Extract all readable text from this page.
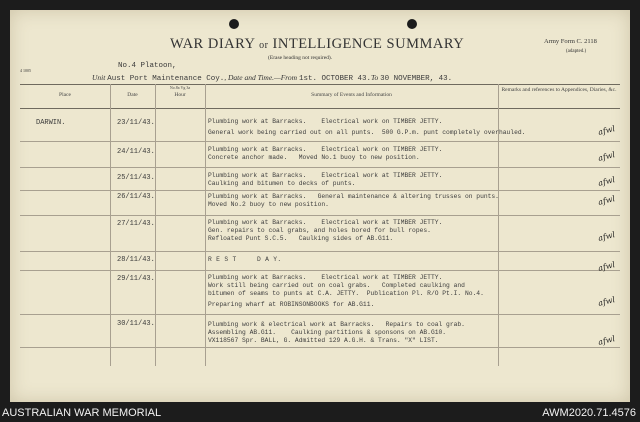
WAR DIARY or INTELLIGENCE SUMMARY
(Erase heading not required).
Army Form C. 2118
(adapted.)
4 1005
No.4 Platoon,
Unit Aust Port Maintenance Coy., Date and Time.—From 1st. OCTOBER 43.To 30 NOVEMBER, 43.
Place	Date
No.8a Vg 3a
Hour	Summary of Events and Information
Remarks and references to Appendices, Diaries, &c.
DARWIN.	23/11/43.	Plumbing work at Barracks.    Electrical work on TIMBER JETTY.
General work being carried out on all punts.  500 G.P.m. punt completely overhauled.	afwl
24/11/43.	Plumbing work at Barracks.    Electrical work on TIMBER JETTY.
Concrete anchor made.   Moved No.1 buoy to new position.	afwl
25/11/43.	Plumbing work at Barracks.    Electrical work at TIMBER JETTY.
Caulking and bitumen to decks of punts.	afwl
26/11/43.	Plumbing work at Barracks.   General maintenance & altering trusses on punts.
Moved No.2 buoy to new position.	afwl
27/11/43.	Plumbing work at Barracks.    Electrical work at TIMBER JETTY.
Gen. repairs to coal grabs, and holes bored for bull ropes.
Refloated Punt S.C.5.   Caulking sides of AB.G11.	afwl
28/11/43.	R E S T     D A Y.
afwl
29/11/43.	Plumbing work at Barracks.    Electrical work at TIMBER JETTY.
Work still being carried out on coal grabs.   Completed caulking and
bitumen of seams to punts at C.A. JETTY.  Publication Pl. R/O Pt.I. No.4.
Preparing wharf at ROBINSONBOOKS for AB.G11.	afwl
30/11/43.	Plumbing work & electrical work at Barracks.   Repairs to coal grab.
Assembling AB.G11.    Caulking partitions & sponsons on AB.G10.
VX118567 Spr. BALL, G. Admitted 129 A.G.H. & Trans. "X" LIST.	afwl
AUSTRALIAN WAR MEMORIAL	AWM2020.71.4576
